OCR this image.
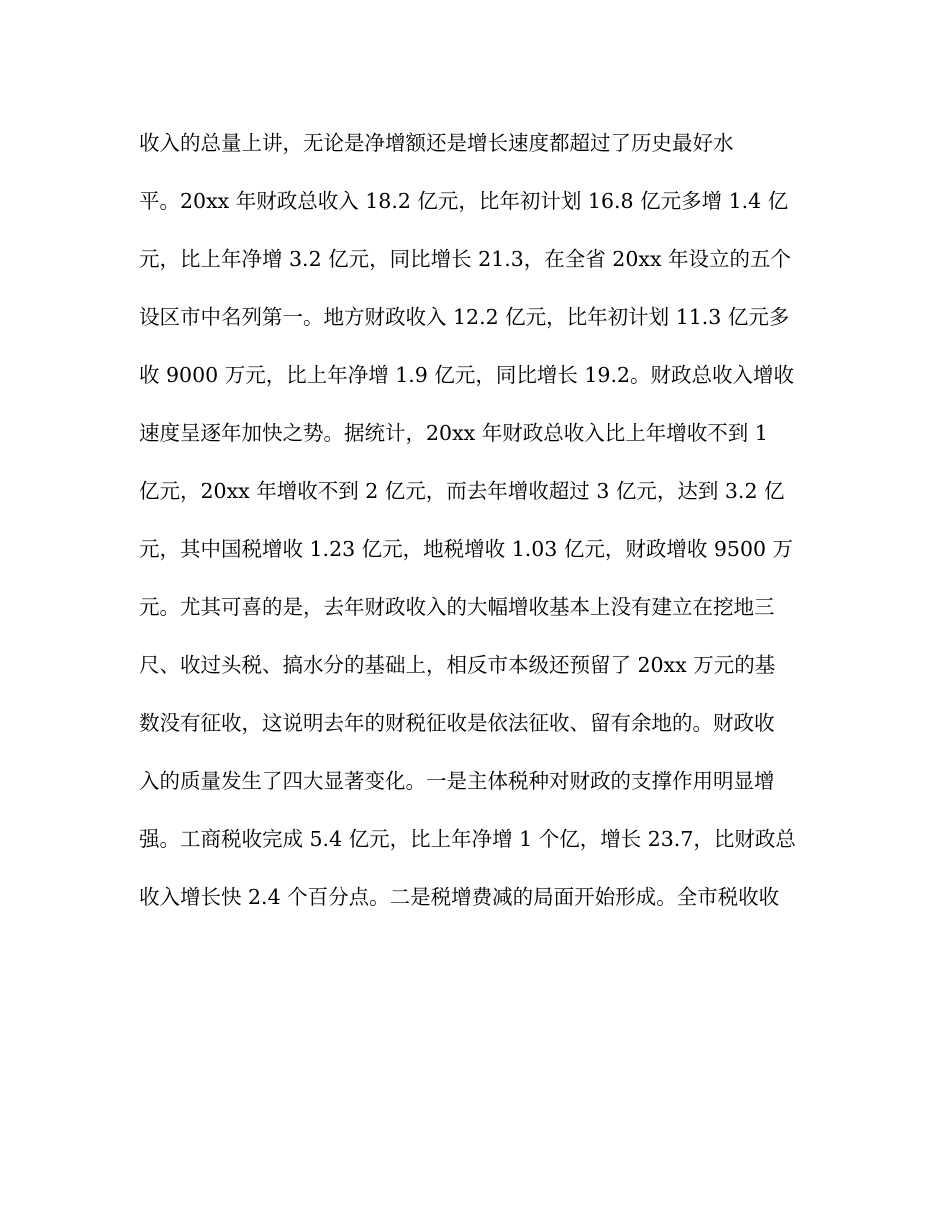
收入的总量上讲，无论是净增额还是增长速度都超过了历史最好水
平。20xx 年财政总收入 18.2 亿元，比年初计划 16.8 亿元多增 1.4 亿
元，比上年净增 3.2 亿元，同比增长 21.3，在全省 20xx 年设立的五个
设区市中名列第一。地方财政收入 12.2 亿元，比年初计划 11.3 亿元多
收 9000 万元，比上年净增 1.9 亿元，同比增长 19.2。财政总收入增收
速度呈逐年加快之势。据统计，20xx 年财政总收入比上年增收不到 1
亿元，20xx 年增收不到 2 亿元，而去年增收超过 3 亿元，达到 3.2 亿
元，其中国税增收 1.23 亿元，地税增收 1.03 亿元，财政增收 9500 万
元。尤其可喜的是，去年财政收入的大幅增收基本上没有建立在挖地三
尺、收过头税、搞水分的基础上，相反市本级还预留了 20xx 万元的基
数没有征收，这说明去年的财税征收是依法征收、留有余地的。财政收
入的质量发生了四大显著变化。一是主体税种对财政的支撑作用明显增
强。工商税收完成 5.4 亿元，比上年净增 1 个亿，增长 23.7，比财政总
收入增长快 2.4 个百分点。二是税增费减的局面开始形成。全市税收收
